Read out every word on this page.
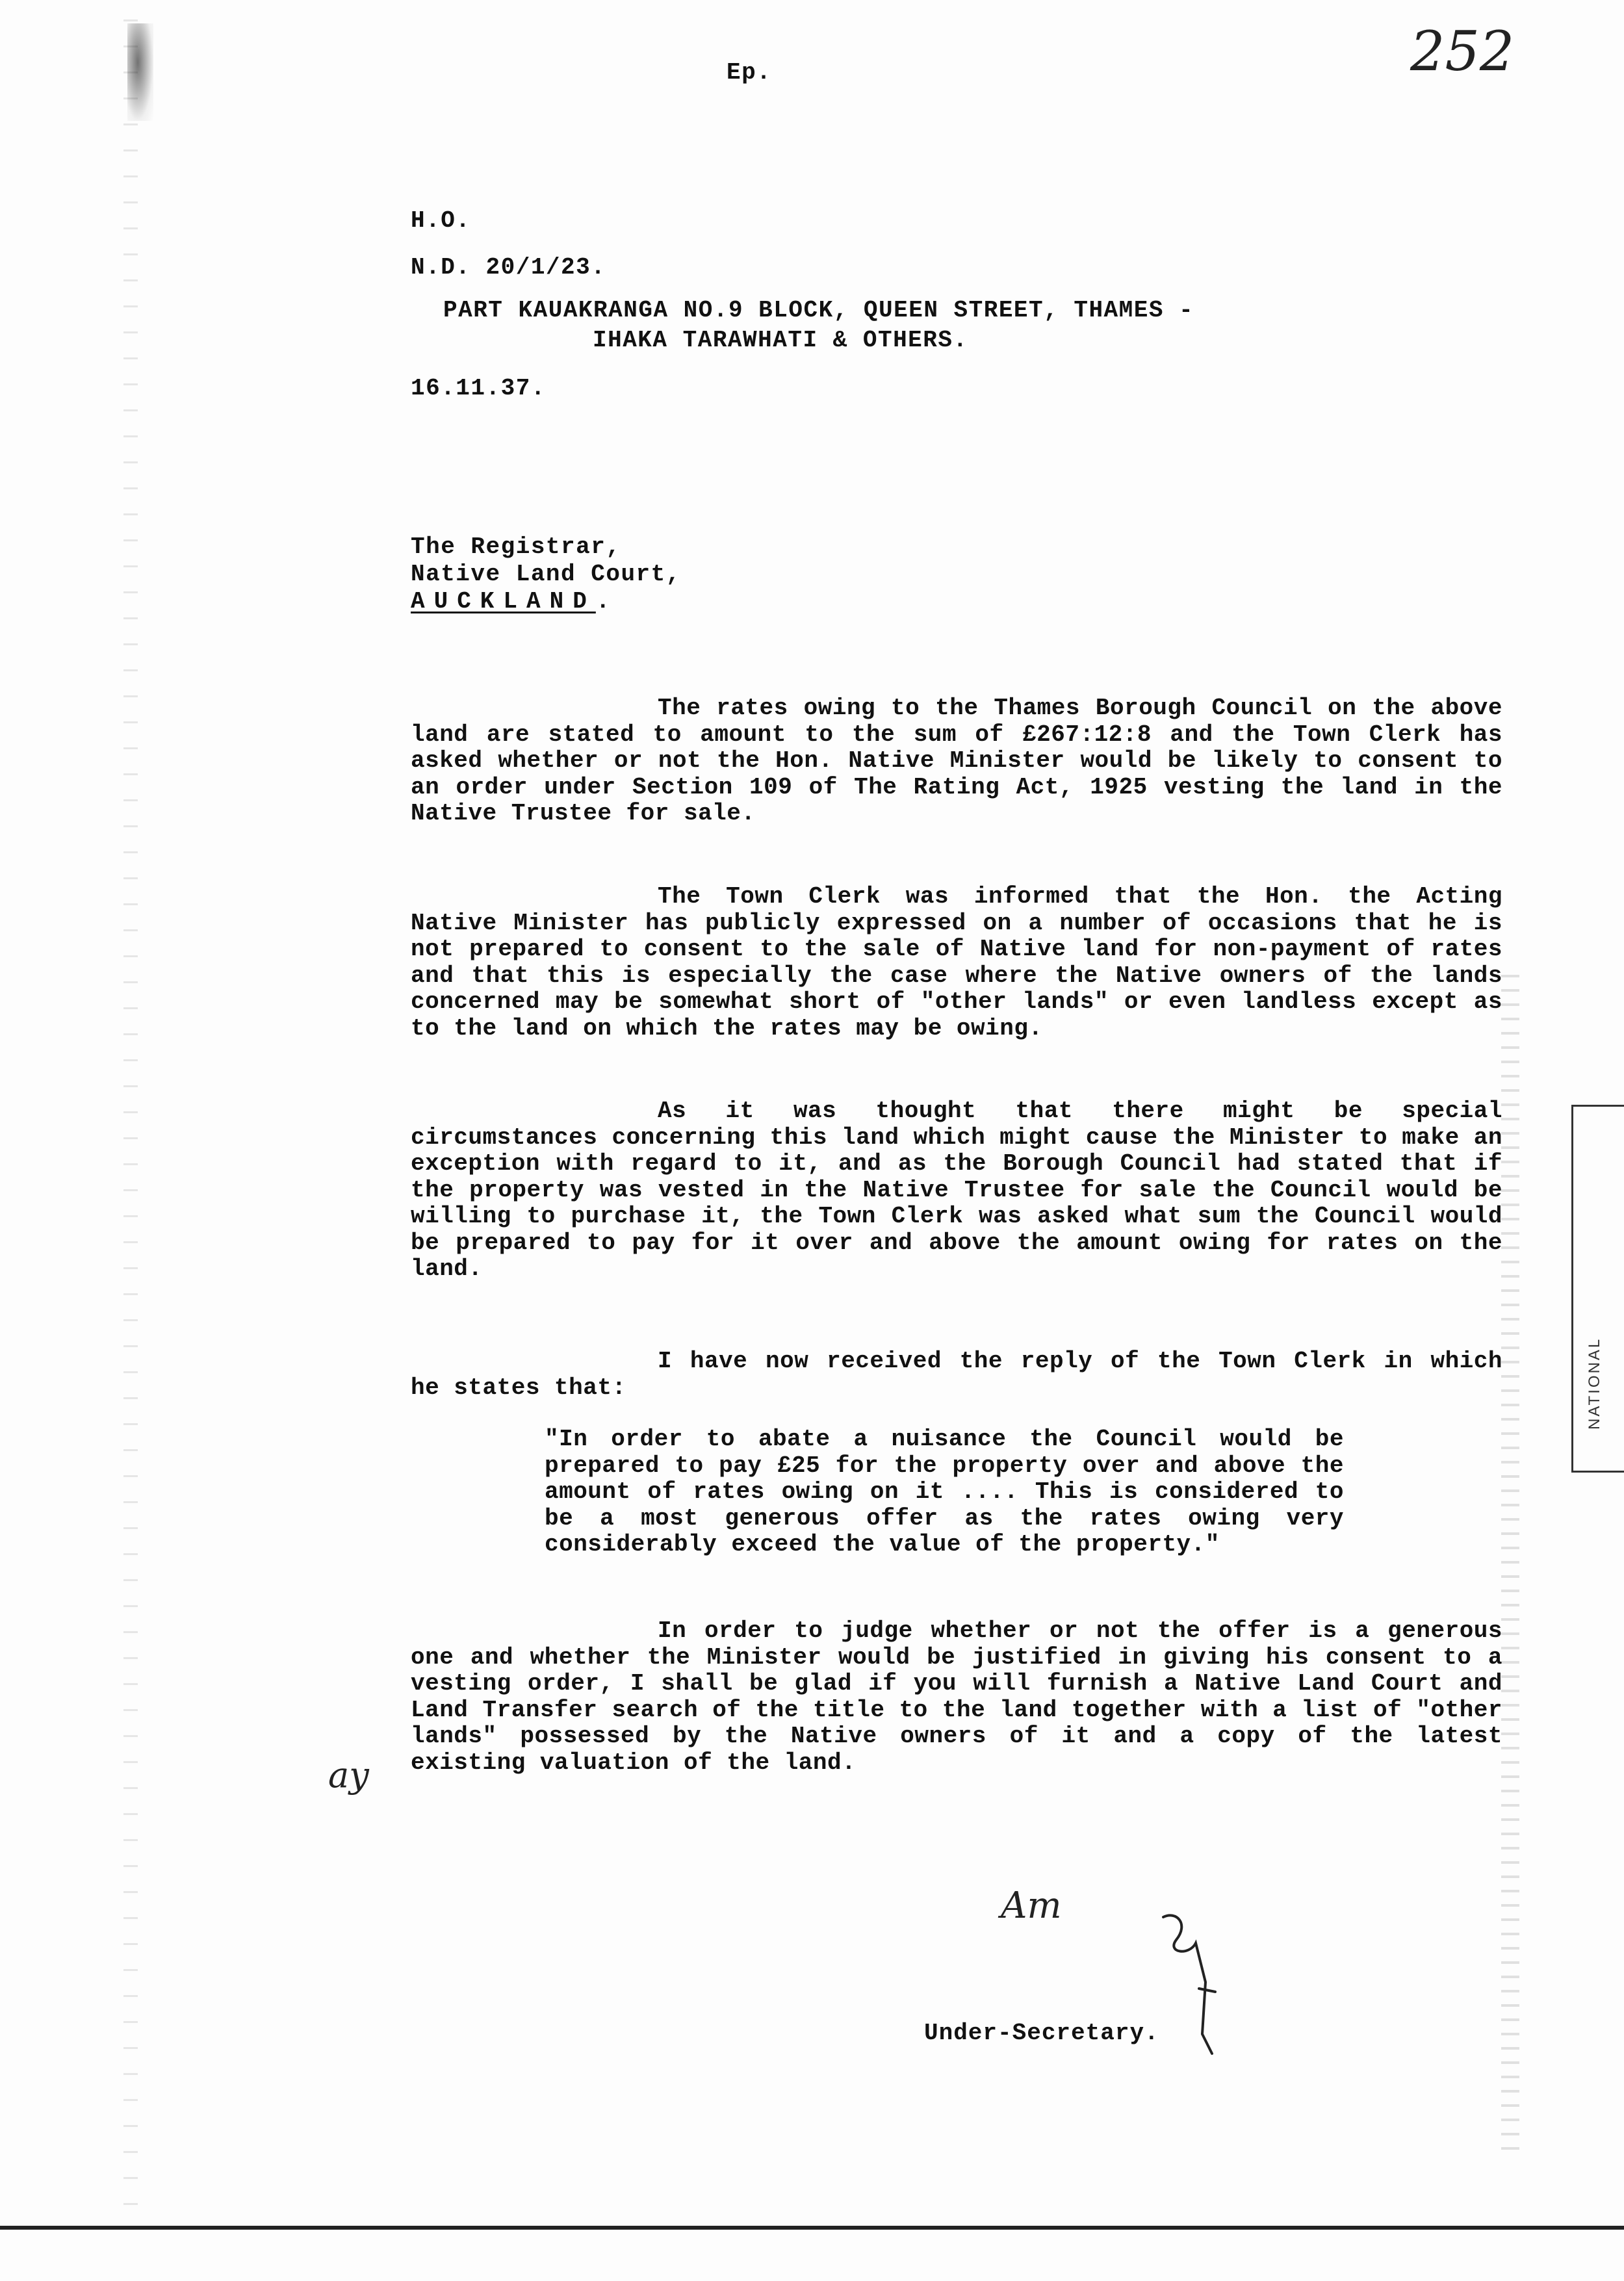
NATIONAL
252
Ep.
H.O.
N.D. 20/1/23.
PART KAUAKRANGA NO.9 BLOCK, QUEEN STREET, THAMES -
IHAKA TARAWHATI & OTHERS.
16.11.37.
The Registrar,
Native Land Court,
AUCKLAND.
The rates owing to the Thames Borough Council on the above land are stated to amount to the sum of £267:12:8 and the Town Clerk has asked whether or not the Hon. Native Minister would be likely to consent to an order under Section 109 of The Rating Act, 1925 vesting the land in the Native Trustee for sale.
The Town Clerk was informed that the Hon. the Acting Native Minister has publicly expressed on a number of occasions that he is not prepared to consent to the sale of Native land for non-payment of rates and that this is especially the case where the Native owners of the lands concerned may be somewhat short of "other lands" or even landless except as to the land on which the rates may be owing.
As it was thought that there might be special circumstances concerning this land which might cause the Minister to make an exception with regard to it, and as the Borough Council had stated that if the property was vested in the Native Trustee for sale the Council would be willing to purchase it, the Town Clerk was asked what sum the Council would be prepared to pay for it over and above the amount owing for rates on the land.
I have now received the reply of the Town Clerk in which he states that:
"In order to abate a nuisance the Council would be prepared to pay £25 for the property over and above the amount of rates owing on it .... This is considered to be a most generous offer as the rates owing very considerably exceed the value of the property."
In order to judge whether or not the offer is a generous one and whether the Minister would be justified in giving his consent to a vesting order, I shall be glad if you will furnish a Native Land Court and Land Transfer search of the title to the land together with a list of "other lands" possessed by the Native owners of it and a copy of the latest existing valuation of the land.
ay
Am
Under-Secretary.
